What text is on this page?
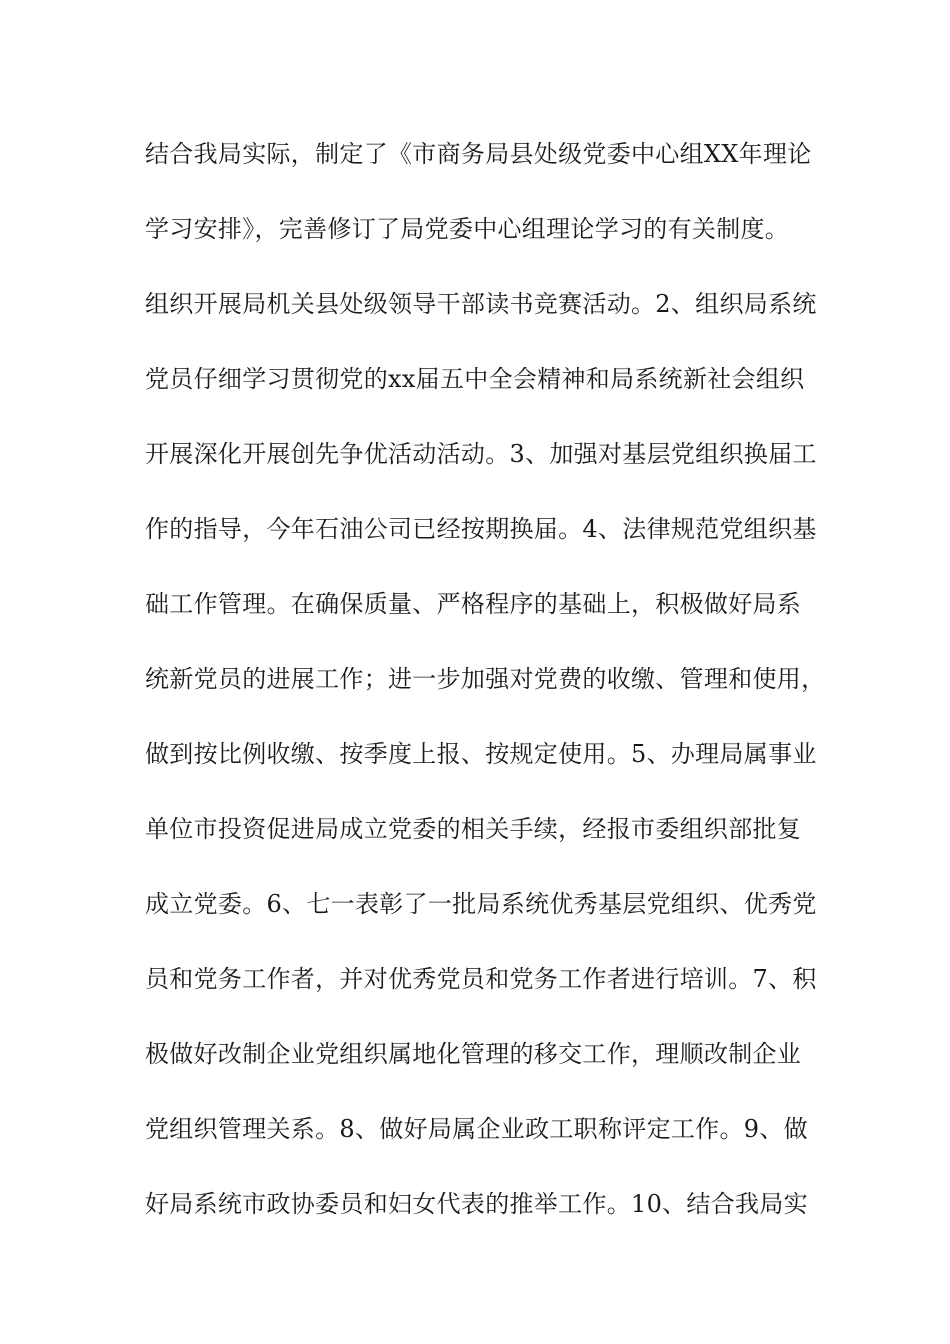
结合我局实际，制定了《市商务局县处级党委中心组XX年理论
学习安排》，完善修订了局党委中心组理论学习的有关制度。
组织开展局机关县处级领导干部读书竞赛活动。2、组织局系统
党员仔细学习贯彻党的xx届五中全会精神和局系统新社会组织
开展深化开展创先争优活动活动。3、加强对基层党组织换届工
作的指导，今年石油公司已经按期换届。4、法律规范党组织基
础工作管理。在确保质量、严格程序的基础上，积极做好局系
统新党员的进展工作；进一步加强对党费的收缴、管理和使用，
做到按比例收缴、按季度上报、按规定使用。5、办理局属事业
单位市投资促进局成立党委的相关手续，经报市委组织部批复
成立党委。6、七一表彰了一批局系统优秀基层党组织、优秀党
员和党务工作者，并对优秀党员和党务工作者进行培训。7、积
极做好改制企业党组织属地化管理的移交工作，理顺改制企业
党组织管理关系。8、做好局属企业政工职称评定工作。9、做
好局系统市政协委员和妇女代表的推举工作。10、结合我局实
